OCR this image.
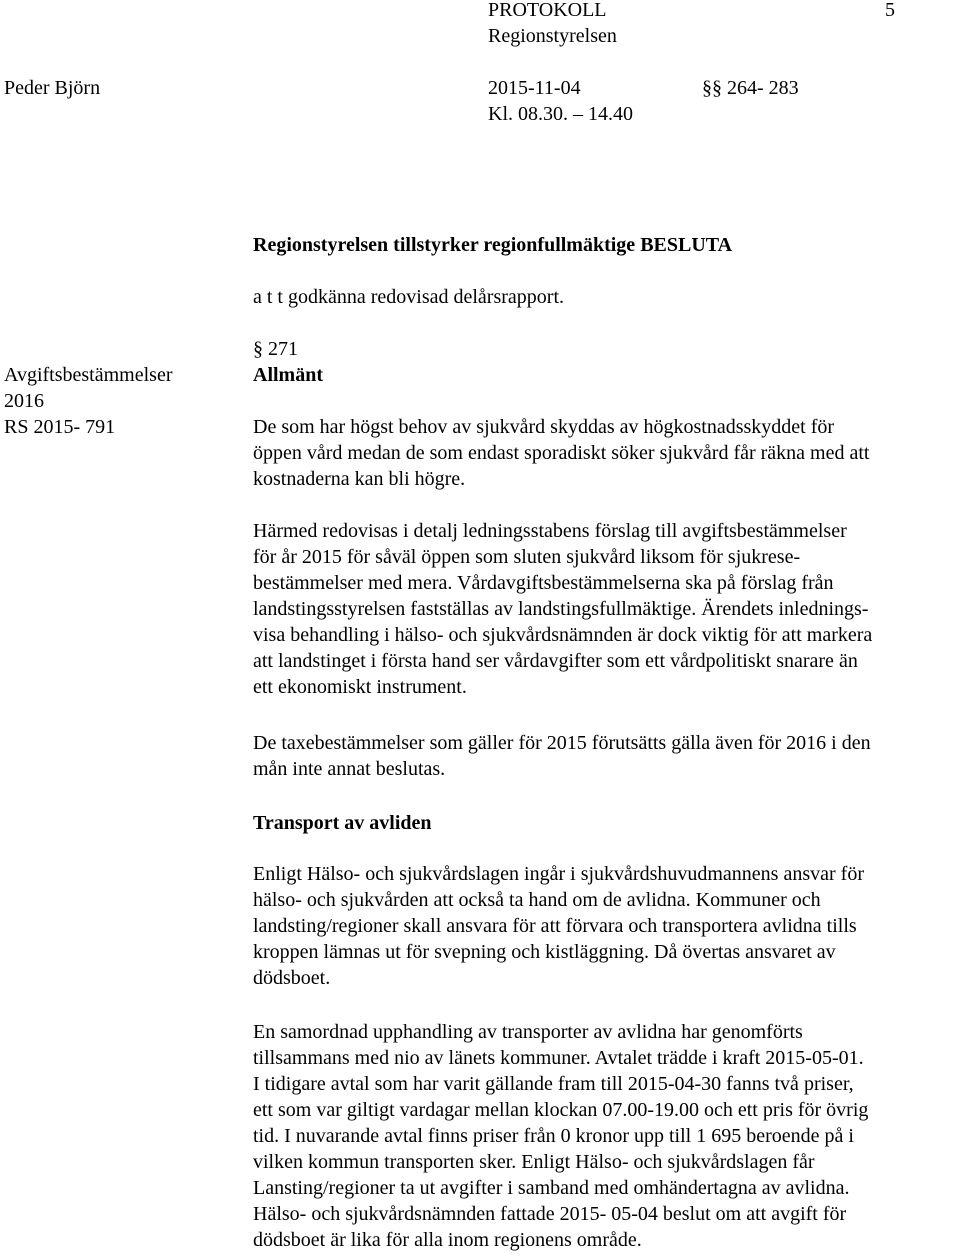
PROTOKOLL	5
Regionstyrelsen
Peder Björn	2015-11-04	§§ 264- 283
Kl. 08.30. – 14.40
Regionstyrelsen tillstyrker regionfullmäktige BESLUTA
a t t godkänna redovisad delårsrapport.
Avgiftsbestämmelser
2016
RS 2015- 791
§ 271
Allmänt
De som har högst behov av sjukvård skyddas av högkostnadsskyddet för
öppen vård medan de som endast sporadiskt söker sjukvård får räkna med att
kostnaderna kan bli högre.
Härmed redovisas i detalj ledningsstabens förslag till avgiftsbestämmelser
för år 2015 för såväl öppen som sluten sjukvård liksom för sjukrese-
bestämmelser med mera. Vårdavgiftsbestämmelserna ska på förslag från
landstingsstyrelsen fastställas av landstingsfullmäktige. Ärendets inlednings-
visa behandling i hälso- och sjukvårdsnämnden är dock viktig för att markera
att landstinget i första hand ser vårdavgifter som ett vårdpolitiskt snarare än
ett ekonomiskt instrument.
De taxebestämmelser som gäller för 2015 förutsätts gälla även för 2016 i den
mån inte annat beslutas.
Transport av avliden
Enligt Hälso- och sjukvårdslagen ingår i sjukvårdshuvudmannens ansvar för
hälso- och sjukvården att också ta hand om de avlidna. Kommuner och
landsting/regioner skall ansvara för att förvara och transportera avlidna tills
kroppen lämnas ut för svepning och kistläggning. Då övertas ansvaret av
dödsboet.
En samordnad upphandling av transporter av avlidna har genomförts
tillsammans med nio av länets kommuner. Avtalet trädde i kraft 2015-05-01.
I tidigare avtal som har varit gällande fram till 2015-04-30 fanns två priser,
ett som var giltigt vardagar mellan klockan 07.00-19.00 och ett pris för övrig
tid. I nuvarande avtal finns priser från 0 kronor upp till 1 695 beroende på i
vilken kommun transporten sker. Enligt Hälso- och sjukvårdslagen får
Lansting/regioner ta ut avgifter i samband med omhändertagna av avlidna.
Hälso- och sjukvårdsnämnden fattade 2015- 05-04 beslut om att avgift för
dödsboet är lika för alla inom regionens område.
